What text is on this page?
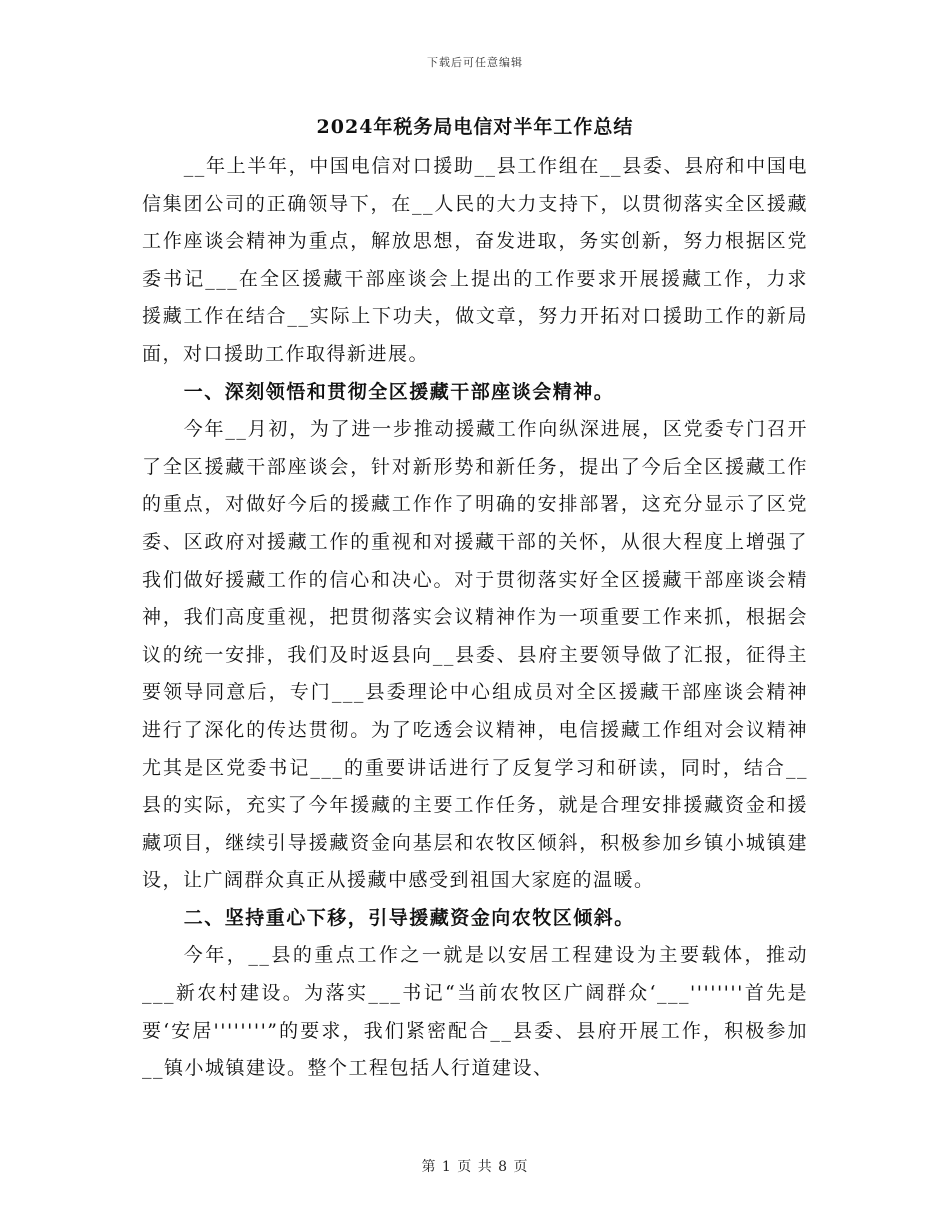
下载后可任意编辑
2024年税务局电信对半年工作总结

__年上半年，中国电信对口援助__县工作组在__县委、县府和中国电信集团公司的正确领导下，在__人民的大力支持下，以贯彻落实全区援藏工作座谈会精神为重点，解放思想，奋发进取，务实创新，努力根据区党委书记___在全区援藏干部座谈会上提出的工作要求开展援藏工作，力求援藏工作在结合__实际上下功夫，做文章，努力开拓对口援助工作的新局面，对口援助工作取得新进展。

一、深刻领悟和贯彻全区援藏干部座谈会精神。

今年__月初，为了进一步推动援藏工作向纵深进展，区党委专门召开了全区援藏干部座谈会，针对新形势和新任务，提出了今后全区援藏工作的重点，对做好今后的援藏工作作了明确的安排部署，这充分显示了区党委、区政府对援藏工作的重视和对援藏干部的关怀，从很大程度上增强了我们做好援藏工作的信心和决心。对于贯彻落实好全区援藏干部座谈会精神，我们高度重视，把贯彻落实会议精神作为一项重要工作来抓，根据会议的统一安排，我们及时返县向__县委、县府主要领导做了汇报，征得主要领导同意后，专门___县委理论中心组成员对全区援藏干部座谈会精神进行了深化的传达贯彻。为了吃透会议精神，电信援藏工作组对会议精神尤其是区党委书记___的重要讲话进行了反复学习和研读，同时，结合__县的实际，充实了今年援藏的主要工作任务，就是合理安排援藏资金和援藏项目，继续引导援藏资金向基层和农牧区倾斜，积极参加乡镇小城镇建设，让广阔群众真正从援藏中感受到祖国大家庭的温暖。

二、坚持重心下移，引导援藏资金向农牧区倾斜。

今年，__县的重点工作之一就是以安居工程建设为主要载体，推动___新农村建设。为落实___书记“当前农牧区广阔群众‘___''''''''首先是要‘安居''''''''”的要求，我们紧密配合__县委、县府开展工作，积极参加__镇小城镇建设。整个工程包括人行道建设、

第 1 页 共 8 页
